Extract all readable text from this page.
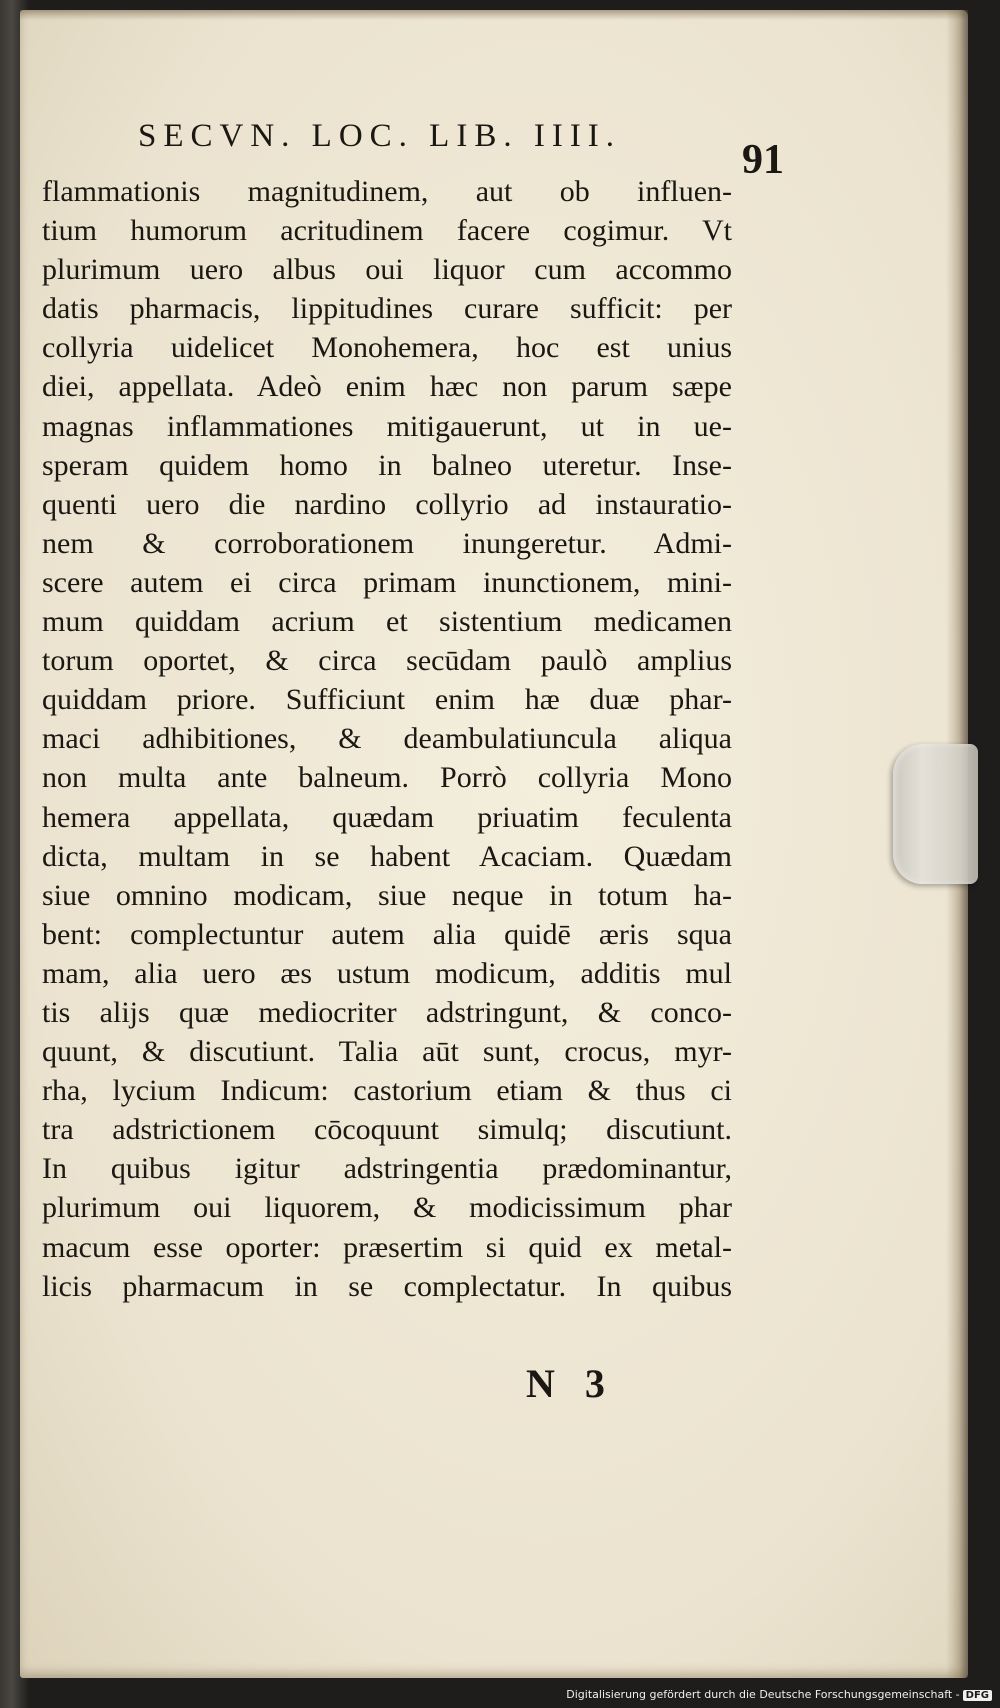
SECVN. LOC. LIB. IIII.
91
flammationis magnitudinem, aut ob influen-
tium humorum acritudinem facere cogimur. Vt
plurimum uero albus oui liquor cum accommo
datis pharmacis, lippitudines curare sufficit: per
collyria uidelicet Monohemera, hoc est unius
diei, appellata. Adeò enim hæc non parum sæpe
magnas inflammationes mitigauerunt, ut in ue-
speram quidem homo in balneo uteretur. Inse-
quenti uero die nardino collyrio ad instauratio-
nem & corroborationem inungeretur. Admi-
scere autem ei circa primam inunctionem, mini-
mum quiddam acrium et sistentium medicamen
torum oportet, & circa secūdam paulò amplius
quiddam priore. Sufficiunt enim hæ duæ phar-
maci adhibitiones, & deambulatiuncula aliqua
non multa ante balneum. Porrò collyria Mono
hemera appellata, quædam priuatim feculenta
dicta, multam in se habent Acaciam. Quædam
siue omnino modicam, siue neque in totum ha-
bent: complectuntur autem alia quidē æris squa
mam, alia uero æs ustum modicum, additis mul
tis alijs quæ mediocriter adstringunt, & conco-
quunt, & discutiunt. Talia aūt sunt, crocus, myr-
rha, lycium Indicum: castorium etiam & thus ci
tra adstrictionem cōcoquunt simulq; discutiunt.
In quibus igitur adstringentia prædominantur,
plurimum oui liquorem, & modicissimum phar
macum esse oporter: præsertim si quid ex metal-
licis pharmacum in se complectatur. In quibus
N 3
Digitalisierung gefördert durch die Deutsche Forschungsgemeinschaft - DFG
